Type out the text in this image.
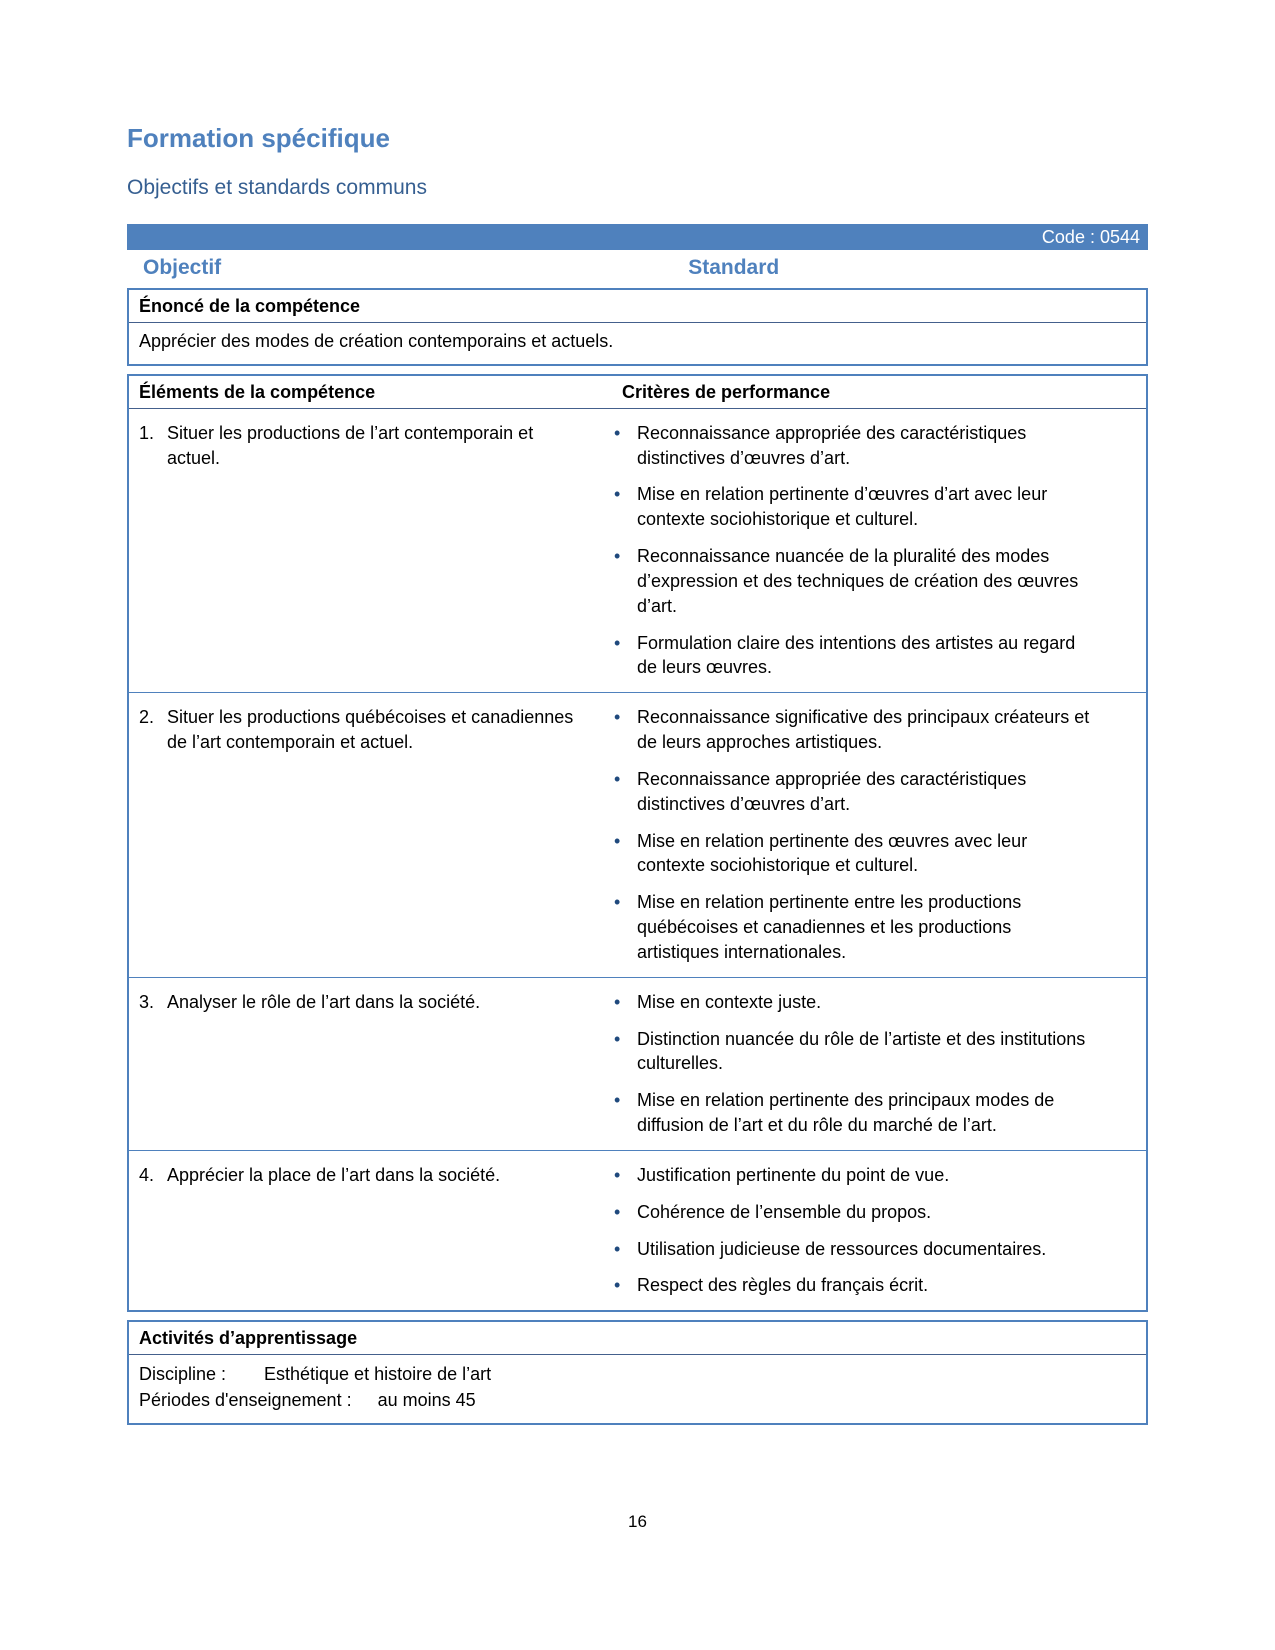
Formation spécifique
Objectifs et standards communs
Code : 0544
Objectif	Standard
Énoncé de la compétence
Apprécier des modes de création contemporains et actuels.
Éléments de la compétence	Critères de performance
1. Situer les productions de l’art contemporain et actuel.
• Reconnaissance appropriée des caractéristiques distinctives d’œuvres d’art.
• Mise en relation pertinente d’œuvres d’art avec leur contexte sociohistorique et culturel.
• Reconnaissance nuancée de la pluralité des modes d’expression et des techniques de création des œuvres d’art.
• Formulation claire des intentions des artistes au regard de leurs œuvres.
2. Situer les productions québécoises et canadiennes de l’art contemporain et actuel.
• Reconnaissance significative des principaux créateurs et de leurs approches artistiques.
• Reconnaissance appropriée des caractéristiques distinctives d’œuvres d’art.
• Mise en relation pertinente des œuvres avec leur contexte sociohistorique et culturel.
• Mise en relation pertinente entre les productions québécoises et canadiennes et les productions artistiques internationales.
3. Analyser le rôle de l’art dans la société.	• Mise en contexte juste.
• Distinction nuancée du rôle de l’artiste et des institutions culturelles.
• Mise en relation pertinente des principaux modes de diffusion de l’art et du rôle du marché de l’art.
4. Apprécier la place de l’art dans la société.	• Justification pertinente du point de vue.
• Cohérence de l’ensemble du propos.
• Utilisation judicieuse de ressources documentaires.
• Respect des règles du français écrit.
Activités d’apprentissage
Discipline :	Esthétique et histoire de l’art
Périodes d'enseignement : au moins 45
16
